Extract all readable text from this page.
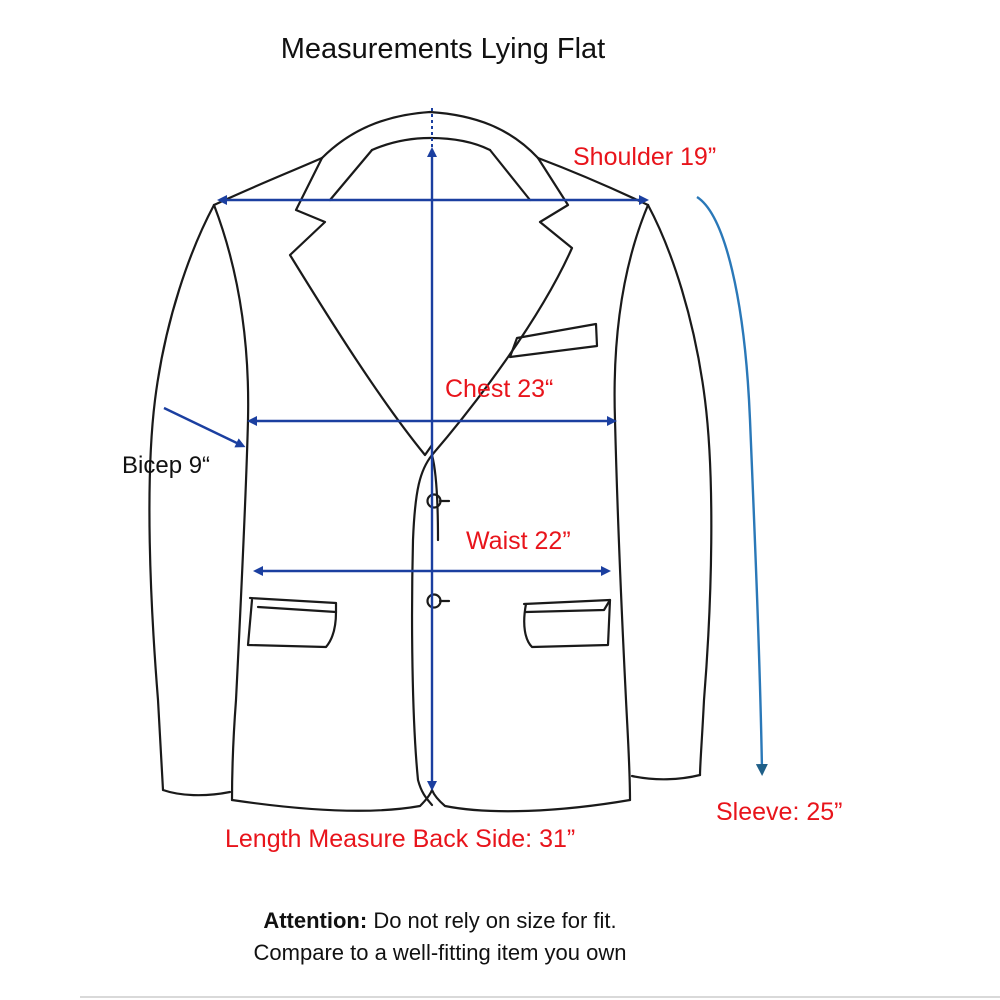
Measurements Lying Flat
Shoulder 19”
Chest 23“
Bicep 9“
Waist 22”
Sleeve: 25”
Length Measure Back Side: 31”
Attention: Do not rely on size for fit.
Compare to a well-fitting item you own
